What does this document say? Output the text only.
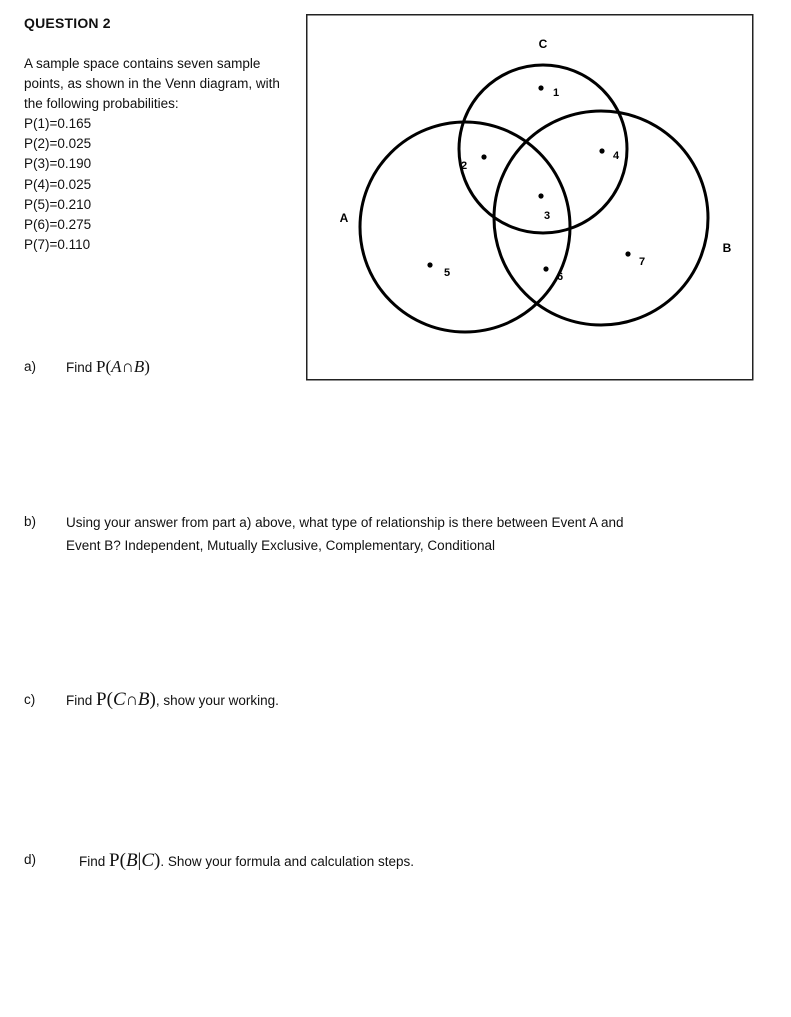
QUESTION 2
A sample space contains seven sample points, as shown in the Venn diagram, with the following probabilities:
P(1)=0.165
P(2)=0.025
P(3)=0.190
P(4)=0.025
P(5)=0.210
P(6)=0.275
P(7)=0.110
C
A
B
1
2
3
4
5	6
7
a) Find P(A∩B)
b) Using your answer from part a) above, what type of relationship is there between Event A and
Event B? Independent, Mutually Exclusive, Complementary, Conditional
c) Find P(C∩B), show your working.
d)	Find P(B|C). Show your formula and calculation steps.
